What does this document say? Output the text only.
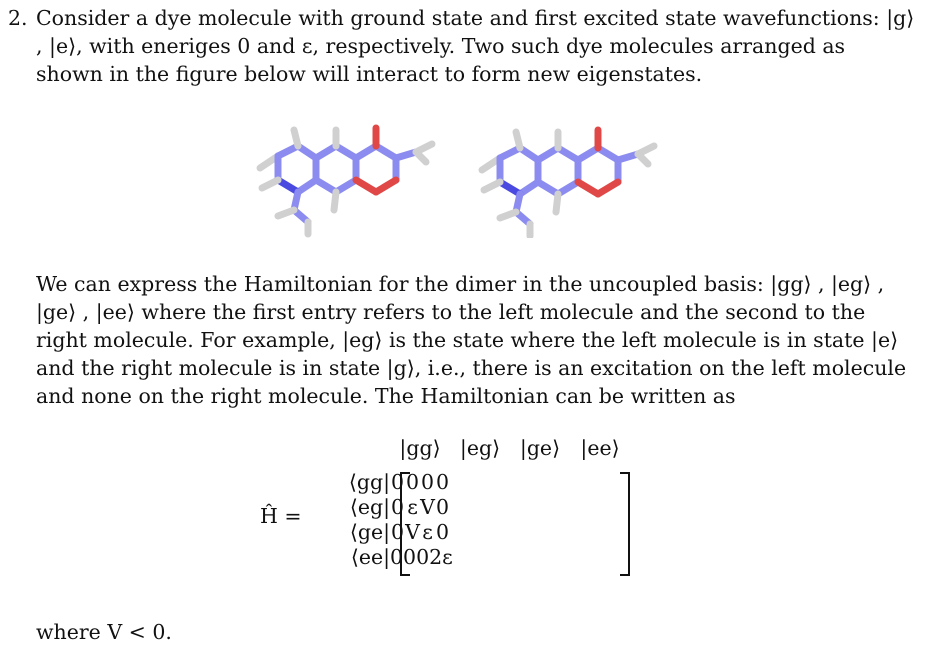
2. Consider a dye molecule with ground state and first excited state wavefunctions: |g⟩ , |e⟩, with eneriges 0 and ε, respectively. Two such dye molecules arranged as shown in the figure below will interact to form new eigenstates.
We can express the Hamiltonian for the dimer in the uncoupled basis: |gg⟩ , |eg⟩ , |ge⟩ , |ee⟩ where the first entry refers to the left molecule and the second to the right molecule. For example, |eg⟩ is the state where the left molecule is in state |e⟩ and the right molecule is in state |g⟩, i.e., there is an excitation on the left molecule and none on the right molecule. The Hamiltonian can be written as
Ĥ =
|gg⟩ |eg⟩ |ge⟩ |ee⟩
⟨gg|
⟨eg|
⟨ge|
⟨ee|
0 0 0 0
0 ε V 0
0 V ε 0
0 0 0 2ε

where V < 0.
